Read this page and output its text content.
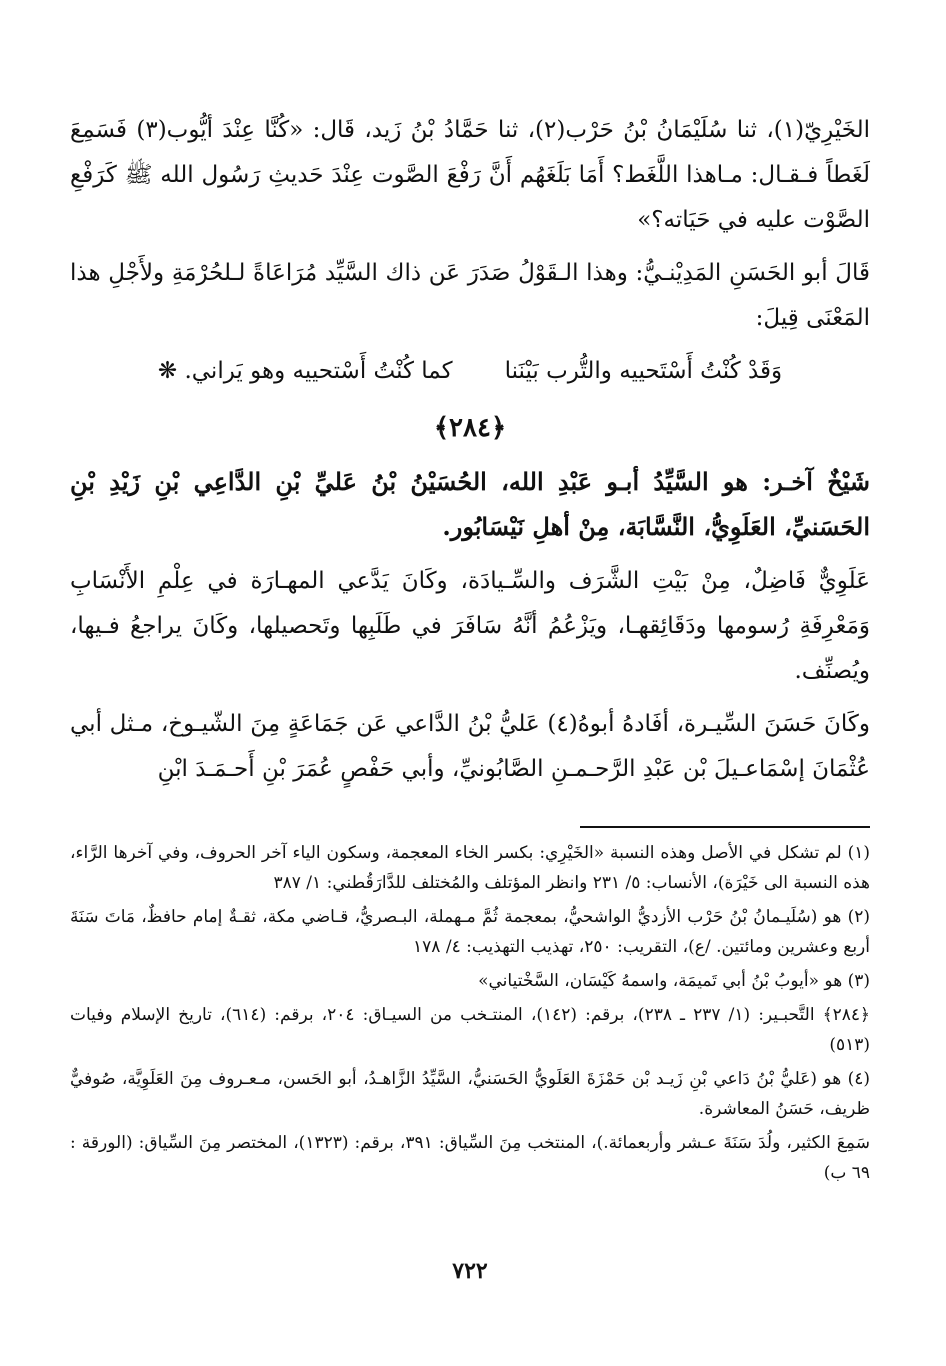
الخَيْرِيّ(١)، ثنا سُلَيْمَانُ بْنُ حَرْب(٢)، ثنا حَمَّادُ بْنُ زَيد، قَال: «كُنَّا عِنْدَ أيُّوب(٣) فَسَمِعَ لَغَطاً فـقـال: مـاهذا اللَّغَط؟ أَمَا بَلَغَهُم أَنَّ رَفْعَ الصَّوت عِنْدَ حَديثِ رَسُول الله ﷺ كَرَفْعِ الصَّوْت عليه في حَيَاته؟»

قَالَ أبو الحَسَنِ المَدِيْنـيُّ: وهذا الـقَوْلُ صَدَرَ عَن ذاك السَّيِّد مُرَاعَاةً لـلحُرْمَةِ ولأَجْلِ هذا المَعْنَى قِيلَ:

وَقَدْ كُنْتُ أَسْتَحييه والتُّرب بَيْنَنا
كما كُنْتُ أَسْتحييه وهو يَراني. ❋
﴿٢٨٤﴾

شَيْخٌ آخـر: هو السَّيِّدُ أبـو عَبْدِ الله، الحُسَيْنُ بْنُ عَليِّ بْنِ الدَّاعِي بْنِ زَيْدِ بْنِ الحَسَنيِّ، العَلَوِيُّ، النَّسَّابَة، مِنْ أهلِ نَيْسَابُور.

عَلَوِيٌّ فَاضِلٌ، مِنْ بَيْتِ الشَّرَف والسِّـيادَة، وكَانَ يَدَّعي المهـارَة في عِلْمِ الأَنْسَابِ وَمَعْرِفَةِ رُسومها ودَقَائِقهـا، ويَزْعُمُ أنَّهُ سَافَرَ في طَلَبِها وتَحصيلها، وكَانَ يراجعُ فـيها، ويُصنِّف.

وكَانَ حَسَنَ السِّيـرة، أفَادهُ أبوهُ(٤) عَليُّ بْنُ الدَّاعي عَن جَمَاعَةٍ مِنَ الشّيـوخ، مـثل أبي عُثْمَانَ إسْمَاعـيلَ بْن عَبْدِ الرَّحـمـنِ الصَّابُونيِّ، وأبي حَفْصٍ عُمَرَ بْنِ أَحـمَـدَ ابْنِ

(١) لم تشكل في الأصل وهذه النسبة «الخَيْرِي: بكسر الخاء المعجمة، وسكون الياء آخر الحروف، وفي آخرها الرَّاء، هذه النسبة الى خَيْرَة)، الأنساب: ٥/ ٢٣١ وانظر المؤتلف والمُختلف للدَّارَقُطني: ١/ ٣٨٧

(٢) هو (سُلَيـمانُ بْنُ حَرْب الأزديُّ الواشحيُّ، بمعجمة ثُمَّ مـهملة، البـصريُّ، قـاضي مكة، ثقـةٌ إمام حافظٌ، مَاتَ سَنَةَ أربع وعشرين ومائتين. /ع)، التقريب: ٢٥٠، تهذيب التهذيب: ٤/ ١٧٨

(٣) هو «أيوبُ بْنُ أبي تَميمَة، واسمهُ كَيْسَان، السَّخْتياني»

﴿٢٨٤﴾ التَّحبـير: (١/ ٢٣٧ ـ ٢٣٨)، برقم: (١٤٢)، المنتـخب من السيـاق: ٢٠٤، برقم: (٦١٤)، تاريخ الإسلام وفيات (٥١٣)

(٤) هو (عَليُّ بْنُ دَاعي بْنِ زَيـد بْن حَمْزَةَ العَلَويُّ الحَسَنيُّ، السَّيِّدُ الزَّاهـدُ، أبو الحَسن، مـعـروف مِنَ العَلَوِيَّة، صُوفيٌّ ظريف، حَسَنُ المعاشرة.

سَمِعَ الكثير، ولُدَ سَنَةَ عـشر وأربعمائة.)، المنتخب مِنَ السِّياق: ٣٩١، برقم: (١٣٢٣)، المختصر مِنَ السِّياق: (الورقة : ٦٩ ب)

٧٢٢
